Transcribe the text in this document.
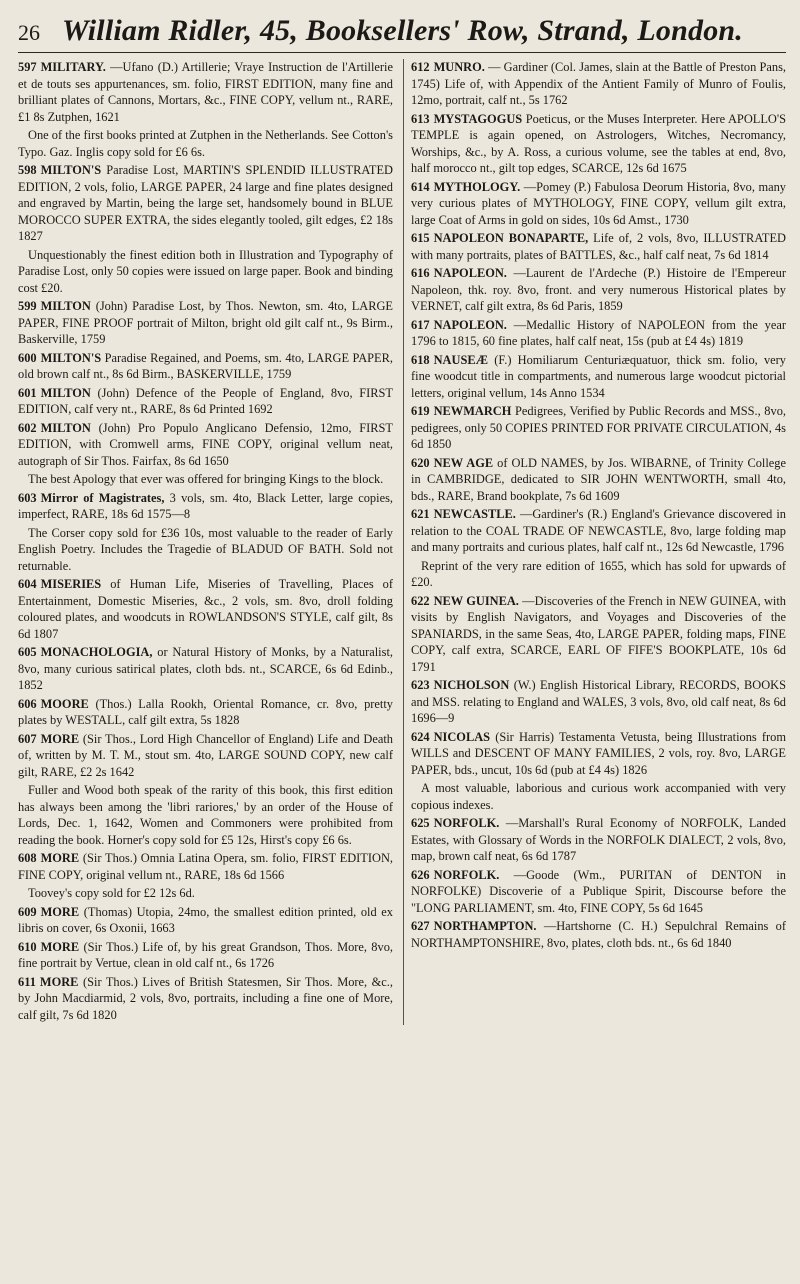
26 William Ridler, 45, Booksellers' Row, Strand, London.
597 MILITARY. —Ufano (D.) Artillerie; Vraye Instruction de l'Artillerie et de touts ses appurtenances, sm. folio, FIRST EDITION, many fine and brilliant plates of Cannons, Mortars, &c., FINE COPY, vellum nt., RARE, £1 8s Zutphen, 1621
One of the first books printed at Zutphen in the Netherlands. See Cotton's Typo. Gaz. Inglis copy sold for £6 6s.
598 MILTON'S Paradise Lost, MARTIN'S SPLENDID ILLUSTRATED EDITION, 2 vols, folio, LARGE PAPER, 24 large and fine plates designed and engraved by Martin, being the large set, handsomely bound in BLUE MOROCCO SUPER EXTRA, the sides elegantly tooled, gilt edges, £2 18s 1827
Unquestionably the finest edition both in Illustration and Typography of Paradise Lost, only 50 copies were issued on large paper. Book and binding cost £20.
599 MILTON (John) Paradise Lost, by Thos. Newton, sm. 4to, LARGE PAPER, FINE PROOF portrait of Milton, bright old gilt calf nt., 9s Birm., Baskerville, 1759
600 MILTON'S Paradise Regained, and Poems, sm. 4to, LARGE PAPER, old brown calf nt., 8s 6d Birm., BASKERVILLE, 1759
601 MILTON (John) Defence of the People of England, 8vo, FIRST EDITION, calf very nt., RARE, 8s 6d Printed 1692
602 MILTON (John) Pro Populo Anglicano Defensio, 12mo, FIRST EDITION, with Cromwell arms, FINE COPY, original vellum neat, autograph of Sir Thos. Fairfax, 8s 6d 1650
The best Apology that ever was offered for bringing Kings to the block.
603 Mirror of Magistrates, 3 vols, sm. 4to, Black Letter, large copies, imperfect, RARE, 18s 6d 1575—8
The Corser copy sold for £36 10s, most valuable to the reader of Early English Poetry. Includes the Tragedie of BLADUD OF BATH. Sold not returnable.
604 MISERIES of Human Life, Miseries of Travelling, Places of Entertainment, Domestic Miseries, &c., 2 vols, sm. 8vo, droll folding coloured plates, and woodcuts in ROWLANDSON'S STYLE, calf gilt, 8s 6d 1807
605 MONACHOLOGIA, or Natural History of Monks, by a Naturalist, 8vo, many curious satirical plates, cloth bds. nt., SCARCE, 6s 6d Edinb., 1852
606 MOORE (Thos.) Lalla Rookh, Oriental Romance, cr. 8vo, pretty plates by WESTALL, calf gilt extra, 5s 1828
607 MORE (Sir Thos., Lord High Chancellor of England) Life and Death of, written by M. T. M., stout sm. 4to, LARGE SOUND COPY, new calf gilt, RARE, £2 2s 1642
Fuller and Wood both speak of the rarity of this book, this first edition has always been among the 'libri rariores,' by an order of the House of Lords, Dec. 1, 1642, Women and Commoners were prohibited from reading the book. Horner's copy sold for £5 12s, Hirst's copy £6 6s.
608 MORE (Sir Thos.) Omnia Latina Opera, sm. folio, FIRST EDITION, FINE COPY, original vellum nt., RARE, 18s 6d 1566
Toovey's copy sold for £2 12s 6d.
609 MORE (Thomas) Utopia, 24mo, the smallest edition printed, old ex libris on cover, 6s Oxonii, 1663
610 MORE (Sir Thos.) Life of, by his great Grandson, Thos. More, 8vo, fine portrait by Vertue, clean in old calf nt., 6s 1726
611 MORE (Sir Thos.) Lives of British Statesmen, Sir Thos. More, &c., by John Macdiarmid, 2 vols, 8vo, portraits, including a fine one of More, calf gilt, 7s 6d 1820
612 MUNRO. — Gardiner (Col. James, slain at the Battle of Preston Pans, 1745) Life of, with Appendix of the Antient Family of Munro of Foulis, 12mo, portrait, calf nt., 5s 1762
613 MYSTAGOGUS Poeticus, or the Muses Interpreter. Here APOLLO'S TEMPLE is again opened, on Astrologers, Witches, Necromancy, Worships, &c., by A. Ross, a curious volume, see the tables at end, 8vo, half morocco nt., gilt top edges, SCARCE, 12s 6d 1675
614 MYTHOLOGY. —Pomey (P.) Fabulosa Deorum Historia, 8vo, many very curious plates of MYTHOLOGY, FINE COPY, vellum gilt extra, large Coat of Arms in gold on sides, 10s 6d Amst., 1730
615 NAPOLEON BONAPARTE, Life of, 2 vols, 8vo, ILLUSTRATED with many portraits, plates of BATTLES, &c., half calf neat, 7s 6d 1814
616 NAPOLEON. —Laurent de l'Ardeche (P.) Histoire de l'Empereur Napoleon, thk. roy. 8vo, front. and very numerous Historical plates by VERNET, calf gilt extra, 8s 6d Paris, 1859
617 NAPOLEON. —Medallic History of NAPOLEON from the year 1796 to 1815, 60 fine plates, half calf neat, 15s (pub at £4 4s) 1819
618 NAUSEÆ (F.) Homiliarum Centuriæquatuor, thick sm. folio, very fine woodcut title in compartments, and numerous large woodcut pictorial letters, original vellum, 14s Anno 1534
619 NEWMARCH Pedigrees, Verified by Public Records and MSS., 8vo, pedigrees, only 50 COPIES PRINTED FOR PRIVATE CIRCULATION, 4s 6d 1850
620 NEW AGE of OLD NAMES, by Jos. WIBARNE, of Trinity College in CAMBRIDGE, dedicated to SIR JOHN WENTWORTH, small 4to, bds., RARE, Brand bookplate, 7s 6d 1609
621 NEWCASTLE. —Gardiner's (R.) England's Grievance discovered in relation to the COAL TRADE OF NEWCASTLE, 8vo, large folding map and many portraits and curious plates, half calf nt., 12s 6d Newcastle, 1796
Reprint of the very rare edition of 1655, which has sold for upwards of £20.
622 NEW GUINEA. —Discoveries of the French in NEW GUINEA, with visits by English Navigators, and Voyages and Discoveries of the SPANIARDS, in the same Seas, 4to, LARGE PAPER, folding maps, FINE COPY, calf extra, SCARCE, EARL OF FIFE'S BOOKPLATE, 10s 6d 1791
623 NICHOLSON (W.) English Historical Library, RECORDS, BOOKS and MSS. relating to England and WALES, 3 vols, 8vo, old calf neat, 8s 6d 1696—9
624 NICOLAS (Sir Harris) Testamenta Vetusta, being Illustrations from WILLS and DESCENT OF MANY FAMILIES, 2 vols, roy. 8vo, LARGE PAPER, bds., uncut, 10s 6d (pub at £4 4s) 1826
A most valuable, laborious and curious work accompanied with very copious indexes.
625 NORFOLK. —Marshall's Rural Economy of NORFOLK, Landed Estates, with Glossary of Words in the NORFOLK DIALECT, 2 vols, 8vo, map, brown calf neat, 6s 6d 1787
626 NORFOLK. —Goode (Wm., PURITAN of DENTON in NORFOLKE) Discoverie of a Publique Spirit, Discourse before the "LONG PARLIAMENT, sm. 4to, FINE COPY, 5s 6d 1645
627 NORTHAMPTON. —Hartshorne (C. H.) Sepulchral Remains of NORTHAMPTONSHIRE, 8vo, plates, cloth bds. nt., 6s 6d 1840
